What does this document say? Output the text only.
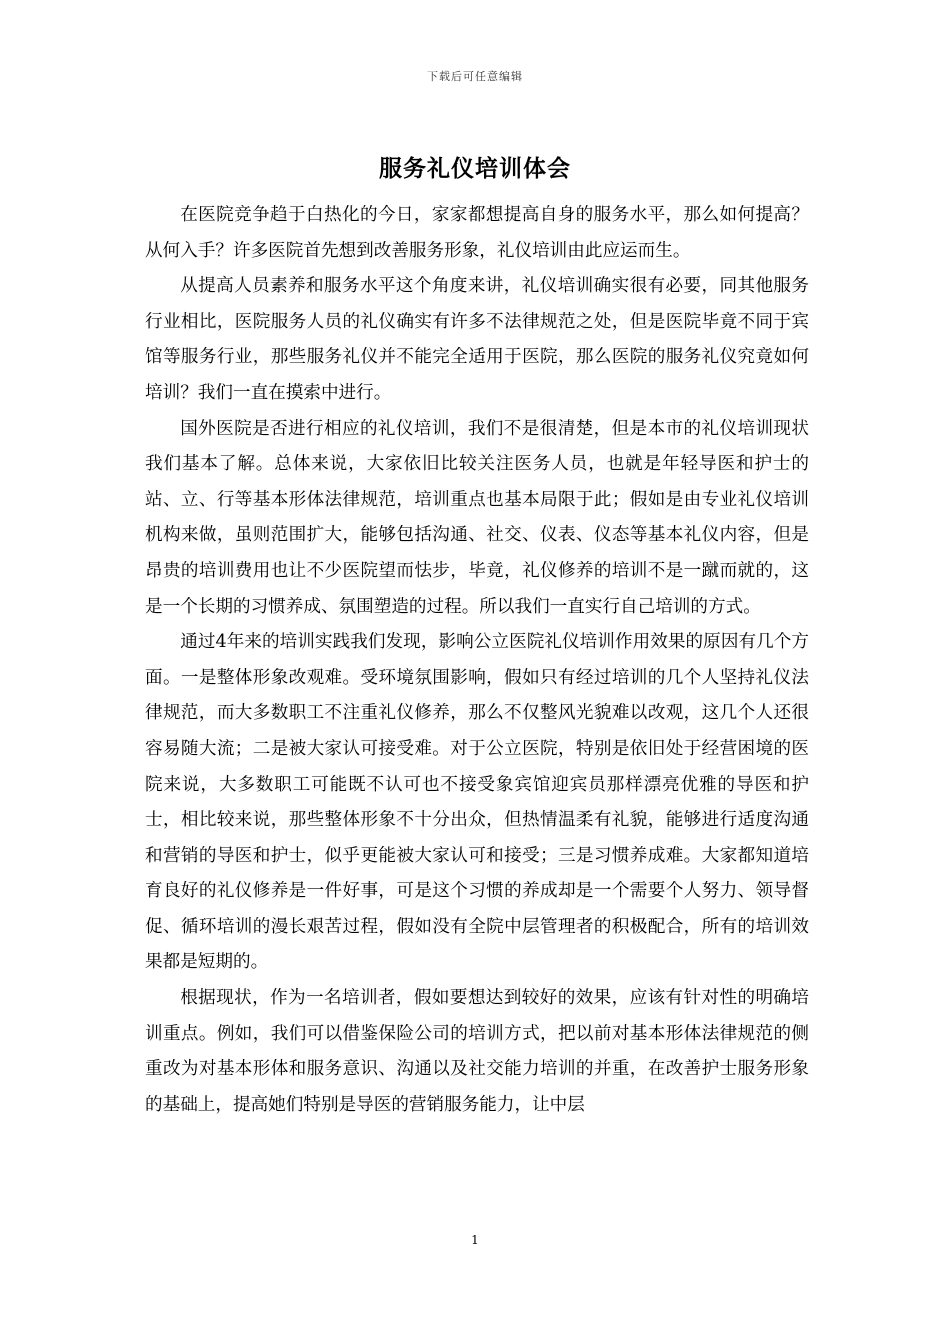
下载后可任意编辑
服务礼仪培训体会

在医院竞争趋于白热化的今日，家家都想提高自身的服务水平，那么如何提高？从何入手？许多医院首先想到改善服务形象，礼仪培训由此应运而生。

从提高人员素养和服务水平这个角度来讲，礼仪培训确实很有必要，同其他服务行业相比，医院服务人员的礼仪确实有许多不法律规范之处，但是医院毕竟不同于宾馆等服务行业，那些服务礼仪并不能完全适用于医院，那么医院的服务礼仪究竟如何培训？我们一直在摸索中进行。

国外医院是否进行相应的礼仪培训，我们不是很清楚，但是本市的礼仪培训现状我们基本了解。总体来说，大家依旧比较关注医务人员，也就是年轻导医和护士的站、立、行等基本形体法律规范，培训重点也基本局限于此；假如是由专业礼仪培训机构来做，虽则范围扩大，能够包括沟通、社交、仪表、仪态等基本礼仪内容，但是昂贵的培训费用也让不少医院望而怯步，毕竟，礼仪修养的培训不是一蹴而就的，这是一个长期的习惯养成、氛围塑造的过程。所以我们一直实行自己培训的方式。

通过4年来的培训实践我们发现，影响公立医院礼仪培训作用效果的原因有几个方面。一是整体形象改观难。受环境氛围影响，假如只有经过培训的几个人坚持礼仪法律规范，而大多数职工不注重礼仪修养，那么不仅整风光貌难以改观，这几个人还很容易随大流；二是被大家认可接受难。对于公立医院，特别是依旧处于经营困境的医院来说，大多数职工可能既不认可也不接受象宾馆迎宾员那样漂亮优雅的导医和护士，相比较来说，那些整体形象不十分出众，但热情温柔有礼貌，能够进行适度沟通和营销的导医和护士，似乎更能被大家认可和接受；三是习惯养成难。大家都知道培育良好的礼仪修养是一件好事，可是这个习惯的养成却是一个需要个人努力、领导督促、循环培训的漫长艰苦过程，假如没有全院中层管理者的积极配合，所有的培训效果都是短期的。

根据现状，作为一名培训者，假如要想达到较好的效果，应该有针对性的明确培训重点。例如，我们可以借鉴保险公司的培训方式，把以前对基本形体法律规范的侧重改为对基本形体和服务意识、沟通以及社交能力培训的并重，在改善护士服务形象的基础上，提高她们特别是导医的营销服务能力，让中层

1
